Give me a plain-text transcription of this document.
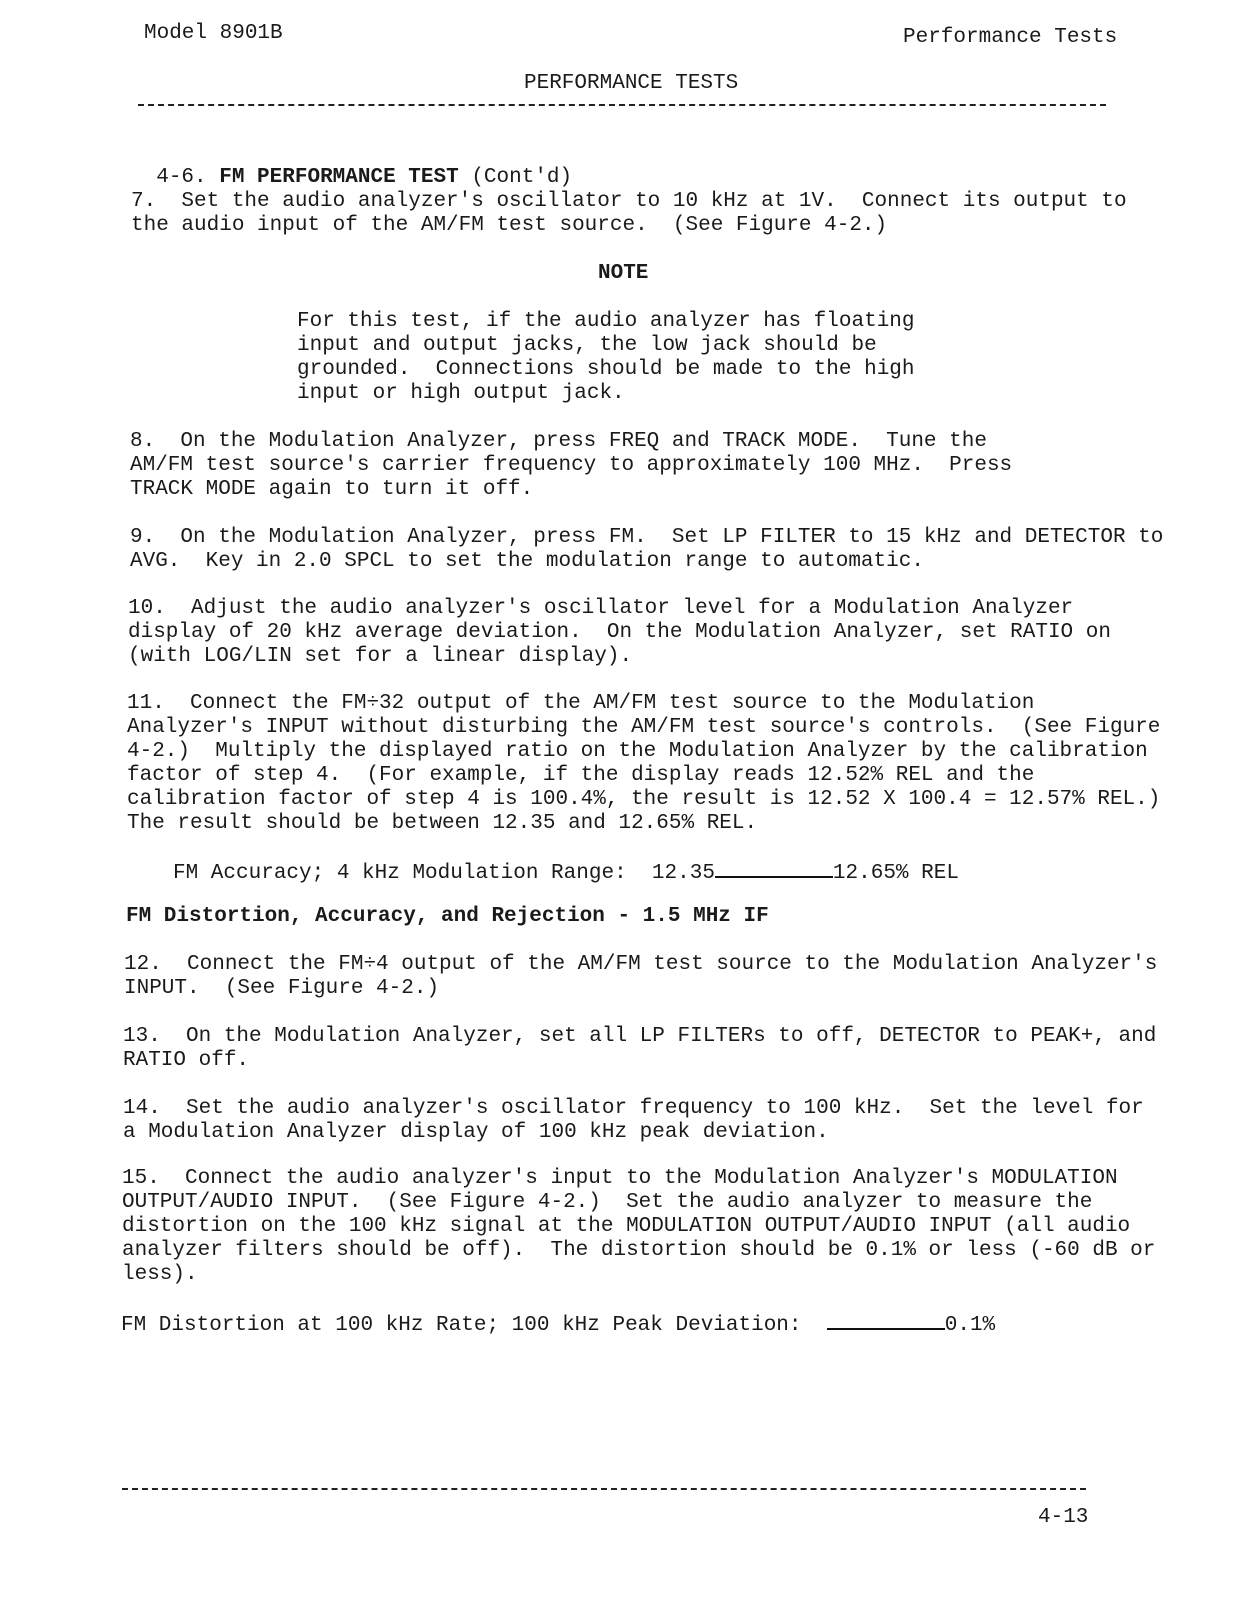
Model 8901B	Performance Tests
PERFORMANCE TESTS

4-6. FM PERFORMANCE TEST (Cont'd)

7.  Set the audio analyzer's oscillator to 10 kHz at 1V.  Connect its output to
the audio input of the AM/FM test source.  (See Figure 4-2.)
NOTE
For this test, if the audio analyzer has floating
input and output jacks, the low jack should be
grounded.  Connections should be made to the high
input or high output jack.
8.  On the Modulation Analyzer, press FREQ and TRACK MODE.  Tune the
AM/FM test source's carrier frequency to approximately 100 MHz.  Press
TRACK MODE again to turn it off.
9.  On the Modulation Analyzer, press FM.  Set LP FILTER to 15 kHz and DETECTOR to
AVG.  Key in 2.0 SPCL to set the modulation range to automatic.
10.  Adjust the audio analyzer's oscillator level for a Modulation Analyzer
display of 20 kHz average deviation.  On the Modulation Analyzer, set RATIO on
(with LOG/LIN set for a linear display).
11.  Connect the FM÷32 output of the AM/FM test source to the Modulation
Analyzer's INPUT without disturbing the AM/FM test source's controls.  (See Figure
4-2.)  Multiply the displayed ratio on the Modulation Analyzer by the calibration
factor of step 4.  (For example, if the display reads 12.52% REL and the
calibration factor of step 4 is 100.4%, the result is 12.52 X 100.4 = 12.57% REL.)
The result should be between 12.35 and 12.65% REL.
FM Accuracy; 4 kHz Modulation Range: 12.35	12.65% REL
FM Distortion, Accuracy, and Rejection - 1.5 MHz IF
12.  Connect the FM÷4 output of the AM/FM test source to the Modulation Analyzer's
INPUT.  (See Figure 4-2.)
13.  On the Modulation Analyzer, set all LP FILTERs to off, DETECTOR to PEAK+, and
RATIO off.
14.  Set the audio analyzer's oscillator frequency to 100 kHz.  Set the level for
a Modulation Analyzer display of 100 kHz peak deviation.
15.  Connect the audio analyzer's input to the Modulation Analyzer's MODULATION
OUTPUT/AUDIO INPUT.  (See Figure 4-2.)  Set the audio analyzer to measure the
distortion on the 100 kHz signal at the MODULATION OUTPUT/AUDIO INPUT (all audio
analyzer filters should be off).  The distortion should be 0.1% or less (-60 dB or
less).
FM Distortion at 100 kHz Rate; 100 kHz Peak Deviation:	0.1%
4-13
